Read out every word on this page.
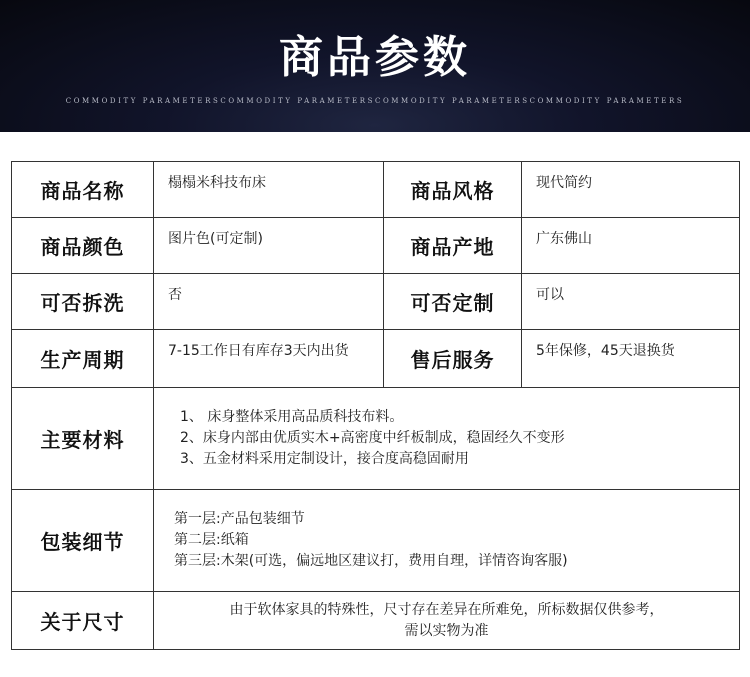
商品参数
COMMODITY PARAMETERSCOMMODITY PARAMETERSCOMMODITY PARAMETERSCOMMODITY PARAMETERS
商品名称	榻榻米科技布床	商品风格	现代简约
商品颜色	图片色(可定制)	商品产地	广东佛山
可否拆洗	否	可否定制	可以
生产周期	7-15工作日有库存3天内出货	售后服务	5年保修，45天退换货
主要材料	1、 床身整体采用高品质科技布料。
2、床身内部由优质实木+高密度中纤板制成，稳固经久不变形
3、五金材料采用定制设计，接合度高稳固耐用		

包装细节	第一层:产品包装细节
第二层:纸箱
第三层:木架(可选，偏远地区建议打，费用自理，详情咨询客服)		

关于尺寸	由于软体家具的特殊性，尺寸存在差异在所难免，所标数据仅供参考，
需以实物为准		
